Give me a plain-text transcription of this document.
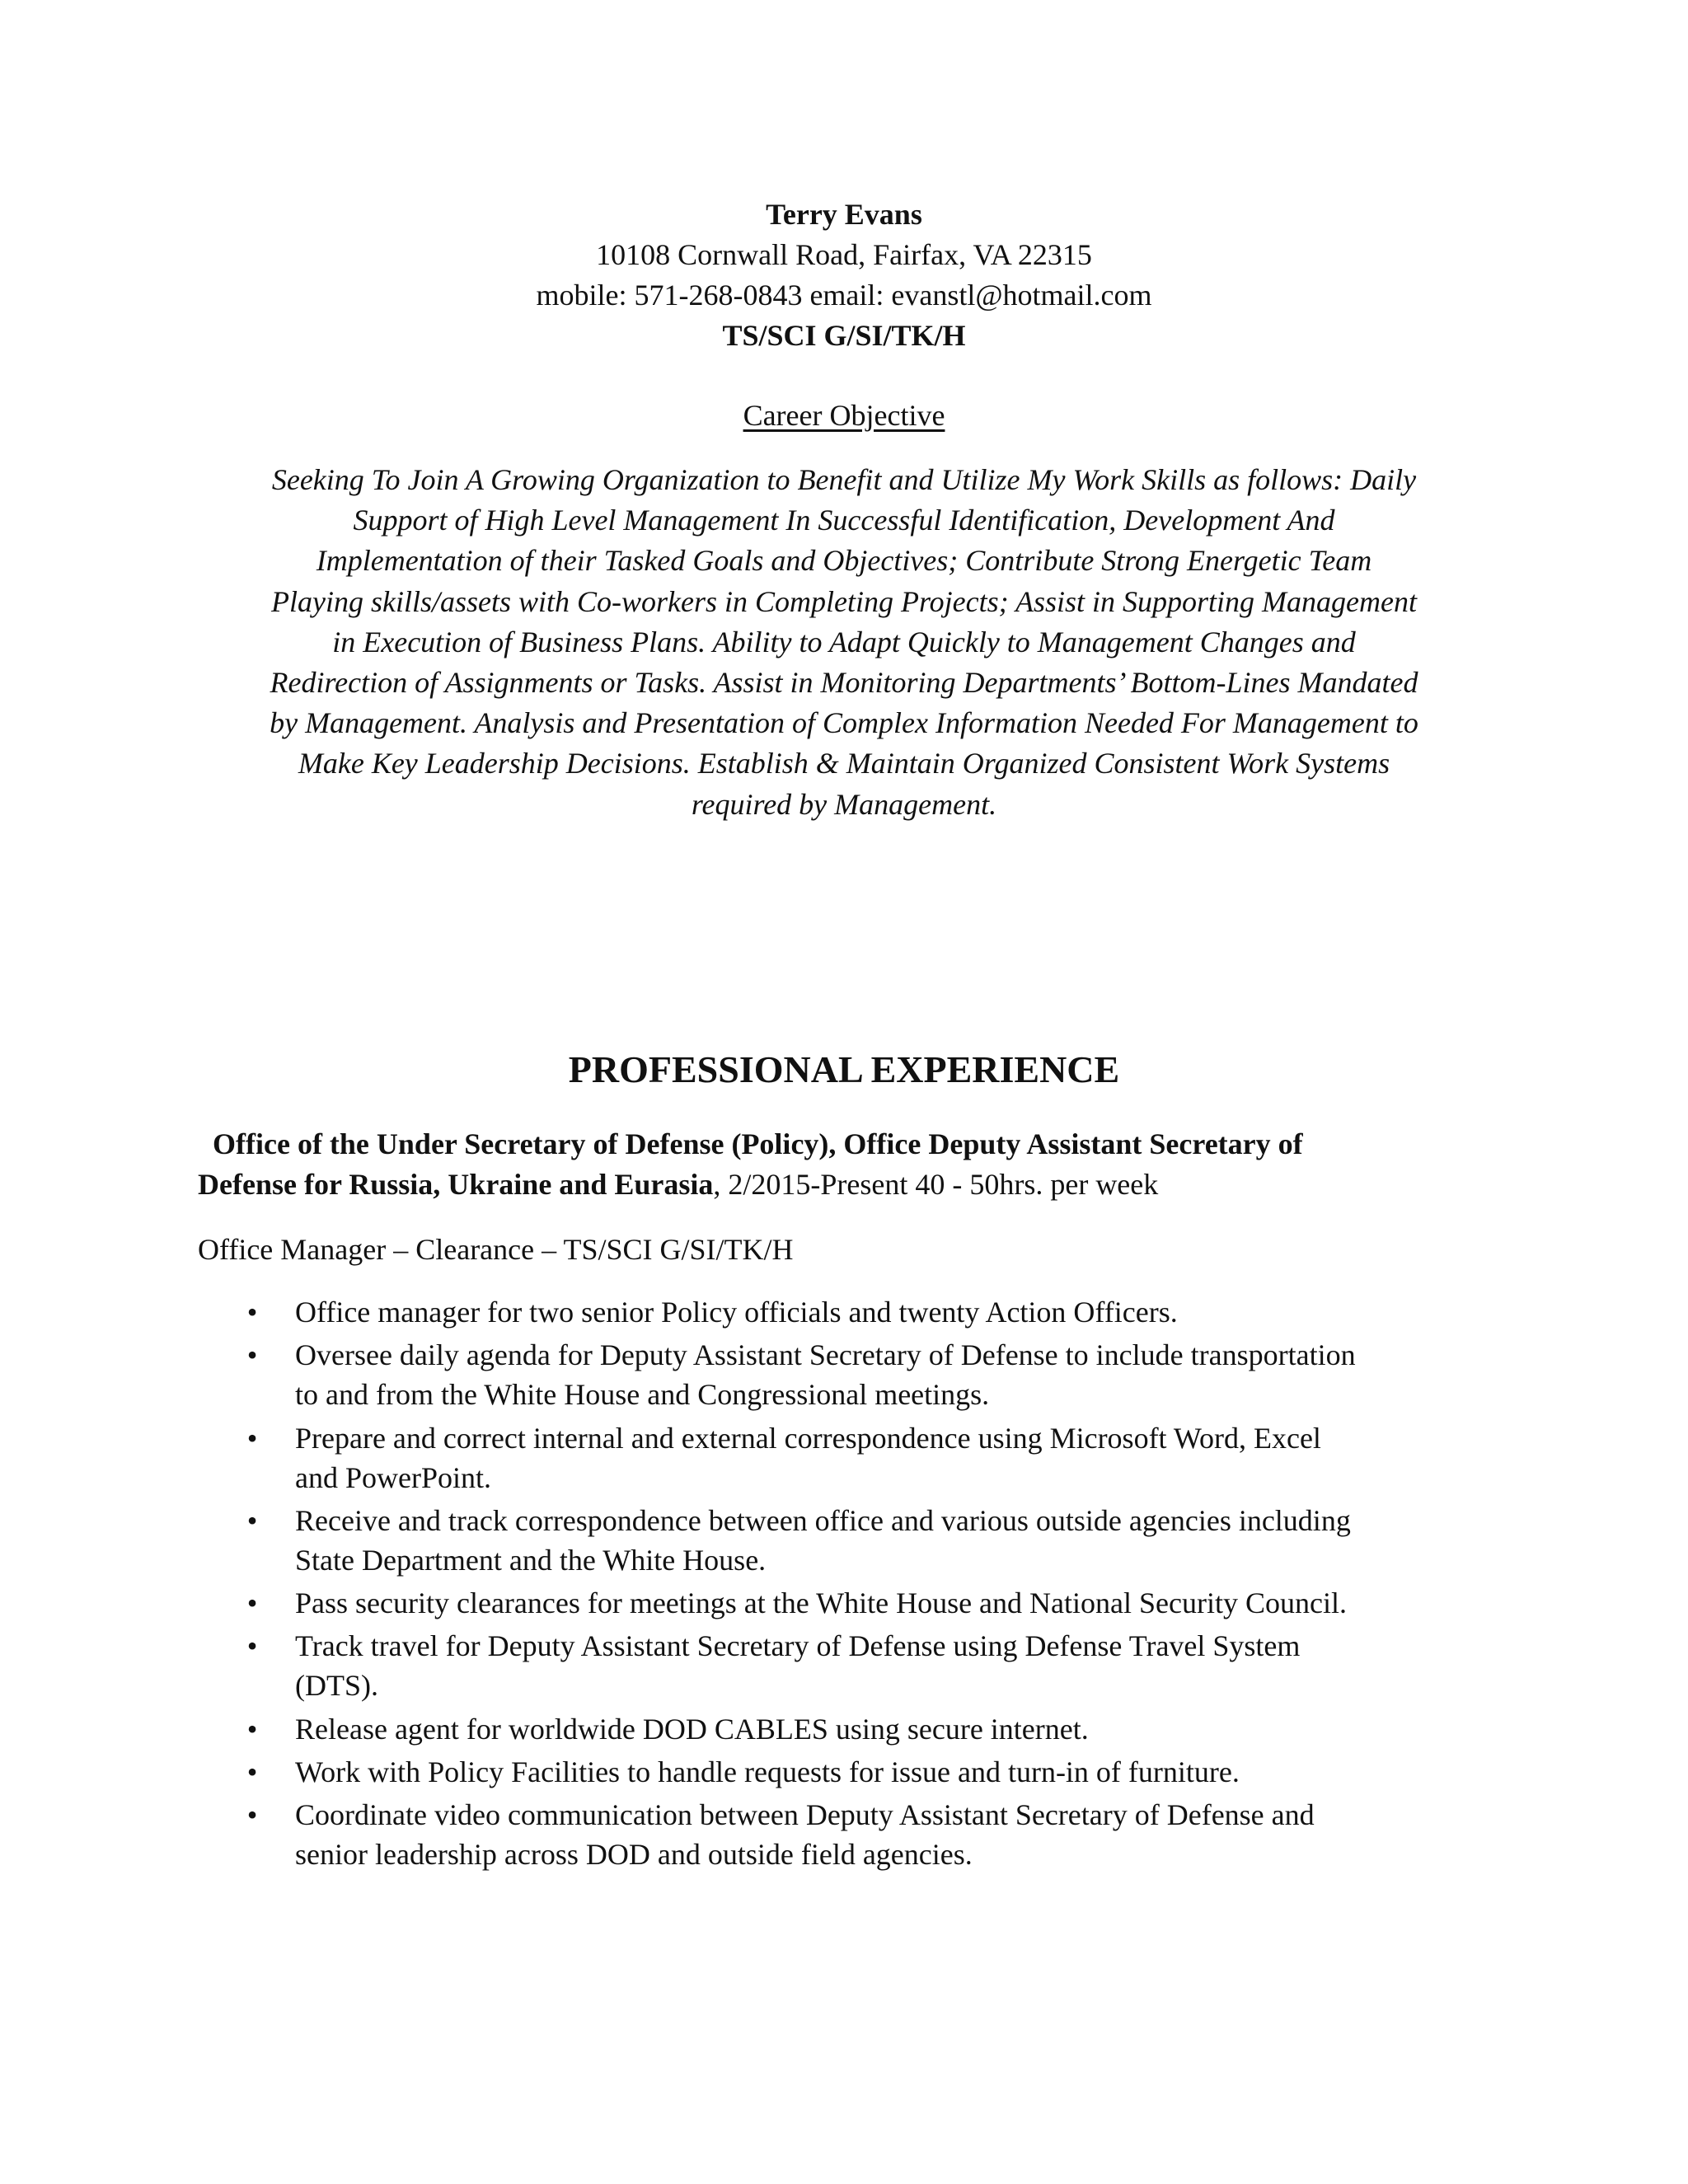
Terry Evans
10108 Cornwall Road, Fairfax, VA 22315
mobile: 571-268-0843 email: evanstl@hotmail.com
TS/SCI G/SI/TK/H
Career Objective
Seeking To Join A Growing Organization to Benefit and Utilize My Work Skills as follows: Daily
Support of High Level Management In Successful Identification, Development And
Implementation of their Tasked Goals and Objectives; Contribute Strong Energetic Team
Playing skills/assets with Co-workers in Completing Projects; Assist in Supporting Management
in Execution of Business Plans. Ability to Adapt Quickly to Management Changes and
Redirection of Assignments or Tasks. Assist in Monitoring Departments’ Bottom-Lines Mandated
by Management. Analysis and Presentation of Complex Information Needed For Management to
Make Key Leadership Decisions. Establish & Maintain Organized Consistent Work Systems
required by Management.
PROFESSIONAL EXPERIENCE
Office of the Under Secretary of Defense (Policy), Office Deputy Assistant Secretary of
Defense for Russia, Ukraine and Eurasia, 2/2015-Present 40 - 50hrs. per week
Office Manager – Clearance – TS/SCI G/SI/TK/H
• Office manager for two senior Policy officials and twenty Action Officers.
• Oversee daily agenda for Deputy Assistant Secretary of Defense to include transportation
to and from the White House and Congressional meetings.
• Prepare and correct internal and external correspondence using Microsoft Word, Excel
and PowerPoint.
• Receive and track correspondence between office and various outside agencies including
State Department and the White House.
• Pass security clearances for meetings at the White House and National Security Council.
• Track travel for Deputy Assistant Secretary of Defense using Defense Travel System
(DTS).
• Release agent for worldwide DOD CABLES using secure internet.
• Work with Policy Facilities to handle requests for issue and turn-in of furniture.
• Coordinate video communication between Deputy Assistant Secretary of Defense and
senior leadership across DOD and outside field agencies.
